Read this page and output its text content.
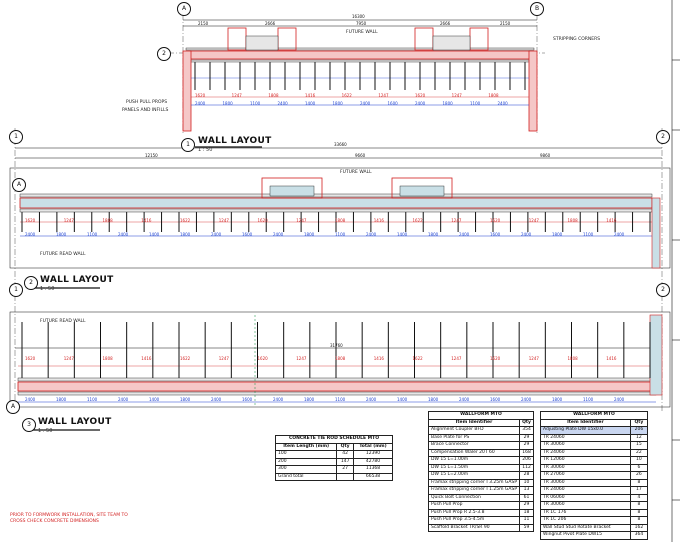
A	B
2
1	2
A
1	2
A
16300
2150	2666	7950	2666	2150
33660
12150	9660	9860
31760
FUTURE WALL
STRIPPING CORNERS
PUSH PULL PROPS
PANELS AND INFILLS
FUTURE WALL
FUTURE READ WALL
FUTURE READ WALL
1 WALL LAYOUT
1 : 50
2 WALL LAYOUT
1 : 50
3 WALL LAYOUT
1 : 50
2400	1800	1100	2400	1400	1800	2400	1600	2400	1800	1100	2400
1620	1247	1808	1416	1622	1247	1620	1247	1808
2400	1800	1100	2400	1400	1800	2400	1600	2400	1800	1100	2400	1400	1800	2400	1600	2400	1800	1100	2400
1620	1247	1808	1416	1622	1247	1620	1247	1808	1416	1622	1247	1620	1247	1808	1416
2400	1800	1100	2400	1400	1800	2400	1600	2400	1800	1100	2400	1400	1800	2400	1600	2400	1800	1100	2400
1620	1247	1808	1416	1622	1247	1620	1247	1808	1416	1622	1247	1620	1247	1808	1416
CONCRETE TIE ROD SCHEDULE MTO		
Item Length (mm)	Qty	Total (mm)
100	42	12390
200	147	42780
300	27	11368
Grand total		66538
WALLFORM MTO	
Item Identifier	Qty
Alignment Coupler BFD	354
Base Plate for PS	29
Brace Connector	29
Compensation Waler 20T 60	168
DW 15 L=1.00m	206
DW 15 L=1.50m	112
DW 15 L=2.00m	28
Framax stripping corner I 3.25m GASP	10
Framax stripping corner I 1.25m GASP	13
Quick Bolt Connection	61
Push Pull Prop	29
Push Pull Prop R 2.5-3.8	18
Push Pull Prop 3.5-4.5m	11
Scaffold Bracket TR/SR 90	59
WALLFORM MTO	
Item Identifier	Qty
Adjusting Plate DW 15x0.0	206
TR 24060	12
TR 30060	15
TR 24060	22
TR 12060	10
TR 30060	6
TR 27060	26
TR 30060	8
TR 24060	17
TR 06060	4
TR 30060	8
TR 1C 176	8
TR 1C 206	8
Wall Stud Stud Rotate Bracket	162
Wingnut Pivot Plate DW15	364
PRIOR TO FORMWORK INSTALLATION, SITE TEAM TO CROSS CHECK CONCRETE DIMENSIONS
